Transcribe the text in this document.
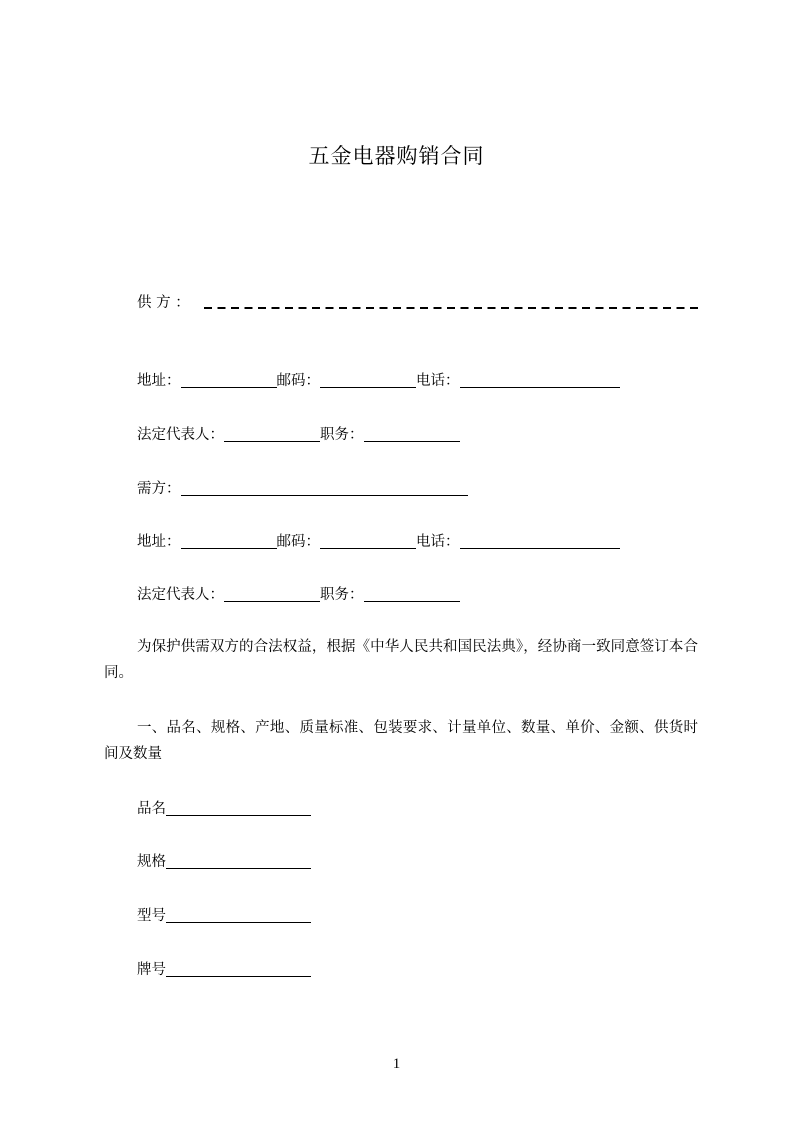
五金电器购销合同
供 方 ：
地址：	邮码：	电话：
法定代表人：	职务：
需方：
地址：	邮码：	电话：
法定代表人：	职务：

为保护供需双方的合法权益，根据《中华人民共和国民法典》，经协商一致同意签订本合同。

一、品名、规格、产地、质量标准、包装要求、计量单位、数量、单价、金额、供货时间及数量

品名
规格
型号
牌号
1
